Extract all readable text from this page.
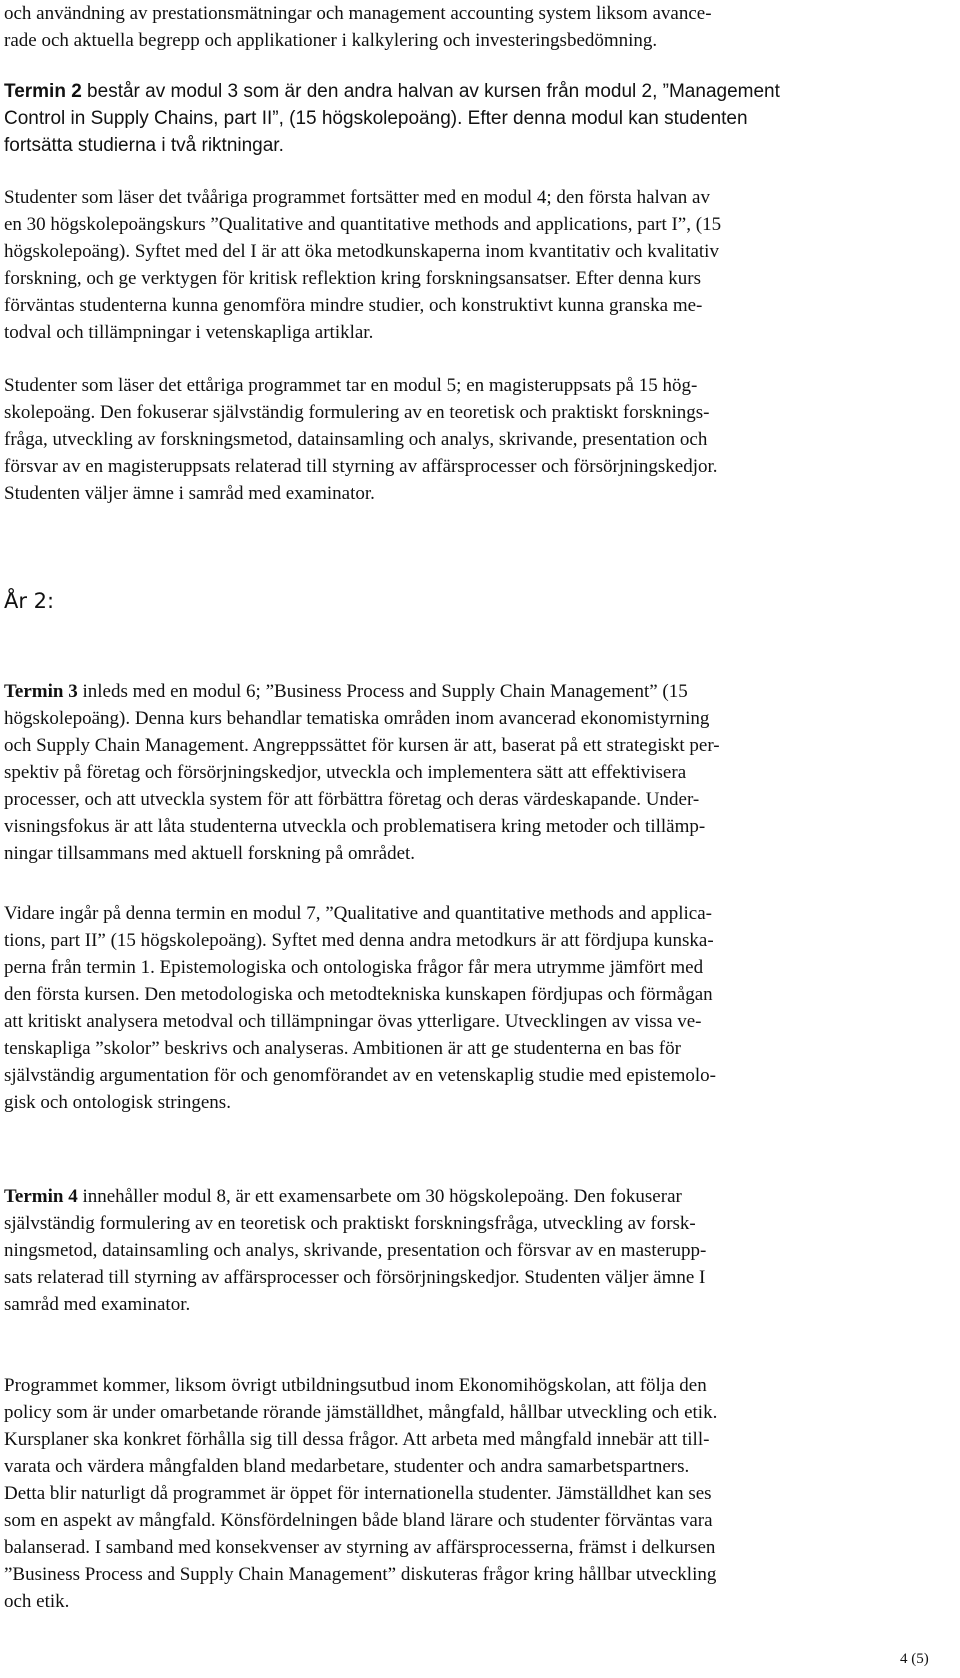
och användning av prestationsmätningar och management accounting system liksom avance-
rade och aktuella begrepp och applikationer i kalkylering och investeringsbedömning.
Termin 2 består av modul 3 som är den andra halvan av kursen från modul 2, ”Management
Control in Supply Chains, part II”, (15 högskolepoäng). Efter denna modul kan studenten
fortsätta studierna i två riktningar.
Studenter som läser det tvååriga programmet fortsätter med en modul 4; den första halvan av
en 30 högskolepoängskurs ”Qualitative and quantitative methods and applications, part I”, (15
högskolepoäng). Syftet med del I är att öka metodkunskaperna inom kvantitativ och kvalitativ
forskning, och ge verktygen för kritisk reflektion kring forskningsansatser. Efter denna kurs
förväntas studenterna kunna genomföra mindre studier, och konstruktivt kunna granska me-
todval och tillämpningar i vetenskapliga artiklar.
Studenter som läser det ettåriga programmet tar en modul 5; en magisteruppsats på 15 hög-
skolepoäng. Den fokuserar självständig formulering av en teoretisk och praktiskt forsknings-
fråga, utveckling av forskningsmetod, datainsamling och analys, skrivande, presentation och
försvar av en magisteruppsats relaterad till styrning av affärsprocesser och försörjningskedjor.
Studenten väljer ämne i samråd med examinator.
År 2:
Termin 3 inleds med en modul 6; ”Business Process and Supply Chain Management” (15
högskolepoäng). Denna kurs behandlar tematiska områden inom avancerad ekonomistyrning
och Supply Chain Management. Angreppssättet för kursen är att, baserat på ett strategiskt per-
spektiv på företag och försörjningskedjor, utveckla och implementera sätt att effektivisera
processer, och att utveckla system för att förbättra företag och deras värdeskapande. Under-
visningsfokus är att låta studenterna utveckla och problematisera kring metoder och tillämp-
ningar tillsammans med aktuell forskning på området.
Vidare ingår på denna termin en modul 7, ”Qualitative and quantitative methods and applica-
tions, part II” (15 högskolepoäng). Syftet med denna andra metodkurs är att fördjupa kunska-
perna från termin 1. Epistemologiska och ontologiska frågor får mera utrymme jämfört med
den första kursen. Den metodologiska och metodtekniska kunskapen fördjupas och förmågan
att kritiskt analysera metodval och tillämpningar övas ytterligare. Utvecklingen av vissa ve-
tenskapliga ”skolor” beskrivs och analyseras. Ambitionen är att ge studenterna en bas för
självständig argumentation för och genomförandet av en vetenskaplig studie med epistemolo-
gisk och ontologisk stringens.
Termin 4 innehåller modul 8, är ett examensarbete om 30 högskolepoäng. Den fokuserar
självständig formulering av en teoretisk och praktiskt forskningsfråga, utveckling av forsk-
ningsmetod, datainsamling och analys, skrivande, presentation och försvar av en masterupp-
sats relaterad till styrning av affärsprocesser och försörjningskedjor. Studenten väljer ämne I
samråd med examinator.
Programmet kommer, liksom övrigt utbildningsutbud inom Ekonomihögskolan, att följa den
policy som är under omarbetande rörande jämställdhet, mångfald, hållbar utveckling och etik.
Kursplaner ska konkret förhålla sig till dessa frågor. Att arbeta med mångfald innebär att till-
varata och värdera mångfalden bland medarbetare, studenter och andra samarbetspartners.
Detta blir naturligt då programmet är öppet för internationella studenter. Jämställdhet kan ses
som en aspekt av mångfald. Könsfördelningen både bland lärare och studenter förväntas vara
balanserad. I samband med konsekvenser av styrning av affärsprocesserna, främst i delkursen
”Business Process and Supply Chain Management” diskuteras frågor kring hållbar utveckling
och etik.
4 (5)
